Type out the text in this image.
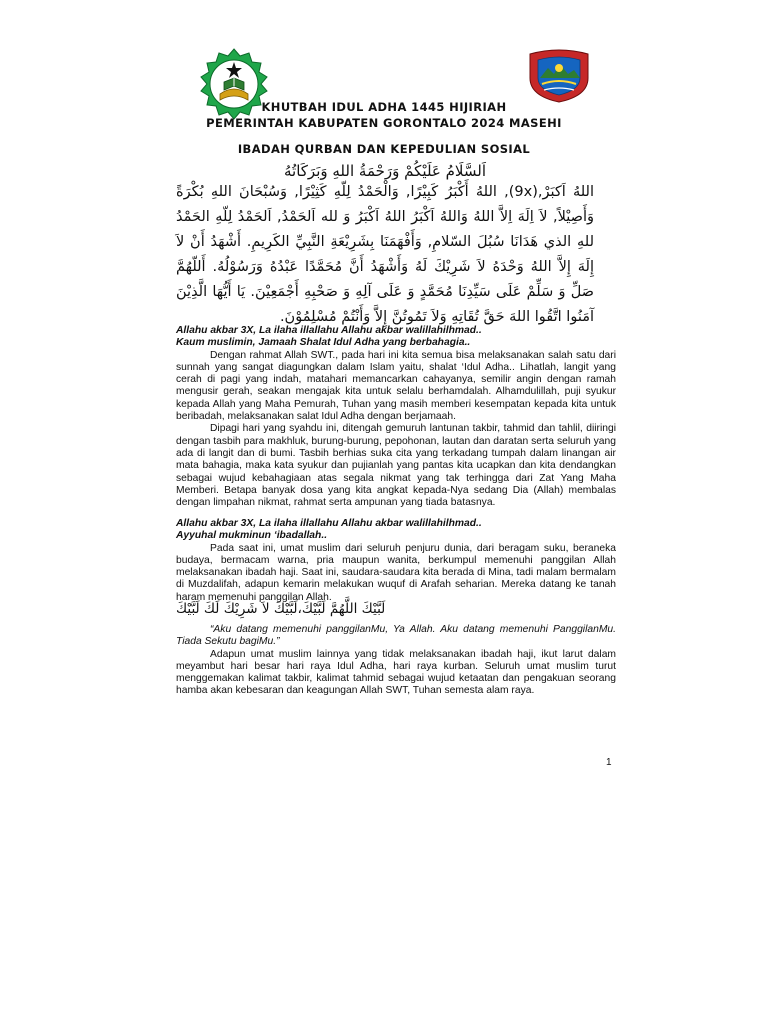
KHUTBAH IDUL ADHA 1445 HIJIRIAH
PEMERINTAH KABUPATEN GORONTALO 2024 MASEHI
IBADAH QURBAN DAN KEPEDULIAN SOSIAL
اَلسَّلَامُ عَلَيْكُمْ وَرَحْمَةُ اللهِ وَبَرَكَاتُهُ
اللهُ اَكبَرْ,(9x), اللهُ أَكْبَرُ كَبِيْرًا, وَالْحَمْدُ لِلّهِ كَثِيْرًا, وَسُبْحَانَ اللهِ بُكْرَةً وَأَصِيْلاً, لاَ اِلَهَ اِلاَّ اللهُ وَاللهُ اَكْبَرُ اللهُ اَكْبَرُ وَ لله اَلحَمْدُ, اَلحَمْدُ لِلّهِ الحَمْدُ للهِ الذي هَدَانَا سُبُلَ السّلامِ, وَأَفْهَمَنَا بِشَرِيْعَةِ النَّبِيِّ الكَرِيمِ. أَشْهَدُ أَنْ لاَ إِلَهَ إِلاَّ اللهُ وَحْدَهُ لاَ شَرِيْكَ لَهُ وَأَشْهَدُ أَنَّ مُحَمَّدًا عَبْدُهُ وَرَسُوْلُهُ. أَللّهُمَّ صَلِّ وَ سَلِّمْ عَلَى سَيِّدِنَا مُحَمَّدٍ وَ عَلَى آلِهِ وَ صَحْبِهِ أَجْمَعِيْنَ. يَا أَيُّهَا الَّذِيْنَ آمَنُوا اتَّقُوا اللهَ حَقَّ تُقَاتِهِ وَلاَ تَمُوتُنَّ إِلاَّ وَأَنْتُمْ مُسْلِمُوْنَ.
Allahu akbar 3X, La ilaha illallahu Allahu akbar walillahilhmad..
Kaum muslimin, Jamaah Shalat Idul Adha yang berbahagia..

Dengan rahmat Allah SWT., pada hari ini kita semua bisa melaksanakan salah satu dari sunnah yang sangat diagungkan dalam Islam yaitu, shalat ‘Idul Adha.. Lihatlah, langit yang cerah di pagi yang indah, matahari memancarkan cahayanya, semilir angin dengan ramah mengusir gerah, seakan mengajak kita untuk selalu berhamdalah. Alhamdulillah, puji syukur kepada Allah yang Maha Pemurah, Tuhan yang masih memberi kesempatan kepada kita untuk beribadah, melaksanakan salat Idul Adha dengan berjamaah.

Dipagi hari yang syahdu ini, ditengah gemuruh lantunan takbir, tahmid dan tahlil, diiringi dengan tasbih para makhluk, burung-burung, pepohonan, lautan dan daratan serta seluruh yang ada di langit dan di bumi. Tasbih berhias suka cita yang terkadang tumpah dalam linangan air mata bahagia, maka kata syukur dan pujianlah yang pantas kita ucapkan dan kita dendangkan sebagai wujud kebahagiaan atas segala nikmat yang tak terhingga dari Zat Yang Maha Memberi. Betapa banyak dosa yang kita angkat kepada-Nya sedang Dia (Allah) membalas dengan limpahan nikmat, rahmat serta ampunan yang tiada batasnya.

Allahu akbar 3X, La ilaha illallahu Allahu akbar walillahilhmad..
Ayyuhal mukminun ‘ibadallah..

Pada saat ini, umat muslim dari seluruh penjuru dunia, dari beragam suku, beraneka budaya, bermacam warna, pria maupun wanita, berkumpul memenuhi panggilan Allah melaksanakan ibadah haji. Saat ini, saudara-saudara kita berada di Mina, tadi malam bermalam di Muzdalifah, adapun kemarin melakukan wuquf di Arafah seharian. Mereka datang ke tanah haram memenuhi panggilan Allah.

لَبَّيْكَ اللَّهُمَّ لَبَّيْكَ،لَبَّيْكَ لاَ شَرِيْكَ لَكَ لَبَّيْكَ

“Aku datang memenuhi panggilanMu, Ya Allah. Aku datang memenuhi PanggilanMu. Tiada Sekutu bagiMu.”

Adapun umat muslim lainnya yang tidak melaksanakan ibadah haji, ikut larut dalam meyambut hari besar hari raya Idul Adha, hari raya kurban. Seluruh umat muslim turut menggemakan kalimat takbir, kalimat tahmid sebagai wujud ketaatan dan pengakuan seorang hamba akan kebesaran dan keagungan Allah SWT, Tuhan semesta alam raya.

1
